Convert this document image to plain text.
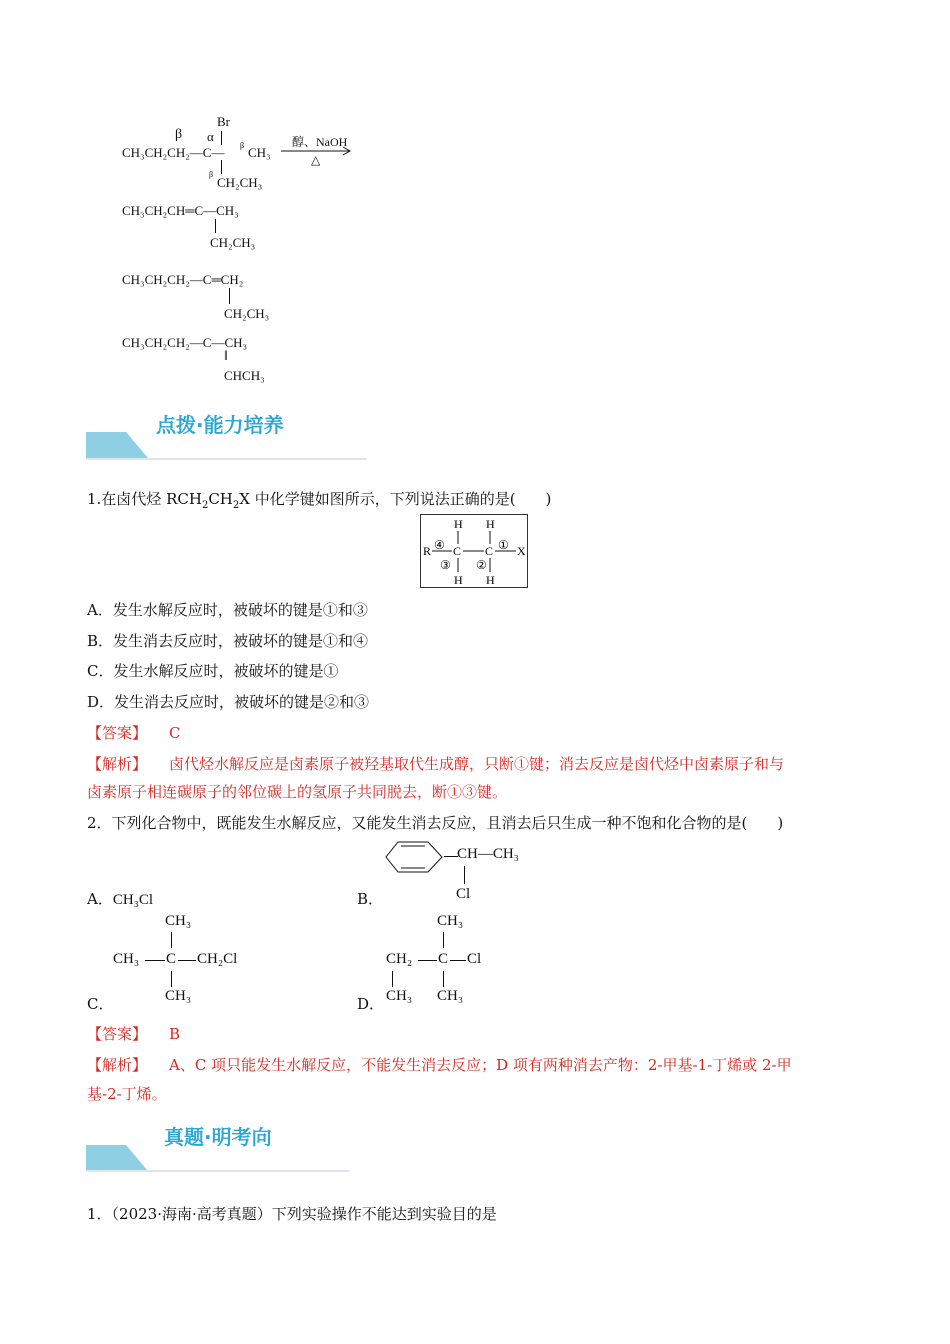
Br
β α
CH₃CH₂CH₂—C— β CH₃
β
CH₂CH₃
醇、NaOH
△
CH₃CH₂CH═C—CH₃
CH₂CH₃
CH₃CH₂CH₂—C═CH₂
CH₂CH₃
CH₃CH₂CH₂—C—CH₃
‖
CHCH₃
点拨·能力培养
1.在卤代烃 $RCH_2CH_2X$ 中化学键如图所示，下列说法正确的是(　　)
H H
R ④ C C ① X
③ ②
H H
A．发生水解反应时，被破坏的键是①和③
B．发生消去反应时，被破坏的键是①和④
C．发生水解反应时，被破坏的键是①
D．发生消去反应时，被破坏的键是②和③
【答案】 C
【解析】 卤代烃水解反应是卤素原子被羟基取代生成醇，只断①键；消去反应是卤代烃中卤素原子和与
卤素原子相连碳原子的邻位碳上的氢原子共同脱去，断①③键。
2．下列化合物中，既能发生水解反应，又能发生消去反应，且消去后只生成一种不饱和化合物的是(　　)
CH—CH₃
Cl
A．CH₃Cl	B．
CH₃
CH₃ C CH₂Cl
CH₃
C．
CH₃
CH₂ C Cl
CH₃ CH₃
D．
【答案】 B
【解析】 A、C 项只能发生水解反应，不能发生消去反应；D 项有两种消去产物：2-甲基-1-丁烯或 2-甲
基-2-丁烯。
真题·明考向
1．（2023·海南·高考真题）下列实验操作不能达到实验目的是
